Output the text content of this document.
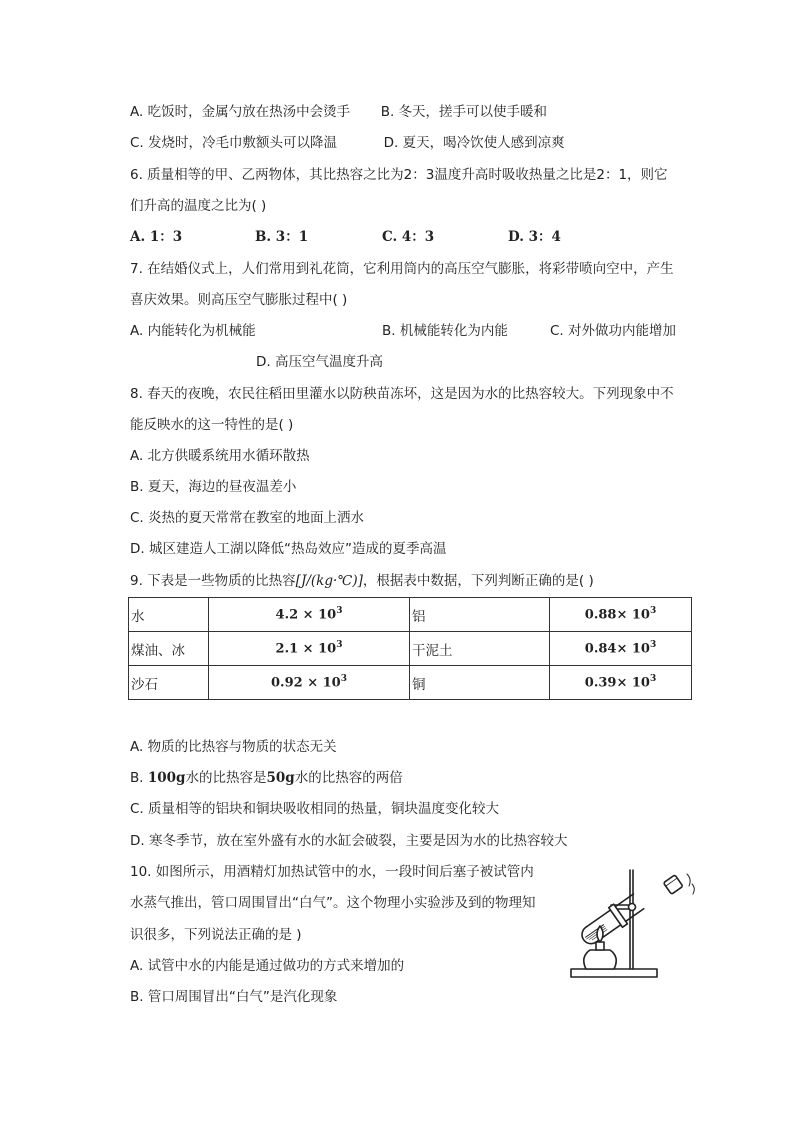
A. 吃饭时，金属勺放在热汤中会烫手 B. 冬天，搓手可以使手暖和
C. 发烧时，冷毛巾敷额头可以降温	D. 夏天，喝冷饮使人感到凉爽
6. 质量相等的甲、乙两物体，其比热容之比为2：3温度升高时吸收热量之比是2：1，则它
们升高的温度之比为( )
A. 1：3	B. 3：1	C. 4：3	D. 3：4
7. 在结婚仪式上，人们常用到礼花筒，它利用筒内的高压空气膨胀，将彩带喷向空中，产生
喜庆效果。则高压空气膨胀过程中( )
A. 内能转化为机械能	B. 机械能转化为内能	C. 对外做功内能增加
D. 高压空气温度升高
8. 春天的夜晚，农民往稻田里灌水以防秧苗冻坏，这是因为水的比热容较大。下列现象中不
能反映水的这一特性的是( )
A. 北方供暖系统用水循环散热
B. 夏天，海边的昼夜温差小
C. 炎热的夏天常常在教室的地面上洒水
D. 城区建造人工湖以降低“热岛效应”造成的夏季高温
9. 下表是一些物质的比热容[J/(kg·℃)]，根据表中数据，下列判断正确的是( )
水	$4.2 \times 10^3$	铝	$0.88\times 10^3$
煤油、冰	$2.1 \times 10^3$	干泥土	$0.84\times 10^3$
沙石	$0.92 \times 10^3$	铜	$0.39\times 10^3$
A. 物质的比热容与物质的状态无关
B. 100g水的比热容是50g水的比热容的两倍
C. 质量相等的铝块和铜块吸收相同的热量，铜块温度变化较大
D. 寒冬季节，放在室外盛有水的水缸会破裂，主要是因为水的比热容较大
10. 如图所示，用酒精灯加热试管中的水，一段时间后塞子被试管内
水蒸气推出，管口周围冒出“白气”。这个物理小实验涉及到的物理知
识很多，下列说法正确的是 )
A. 试管中水的内能是通过做功的方式来增加的
B. 管口周围冒出“白气”是汽化现象
